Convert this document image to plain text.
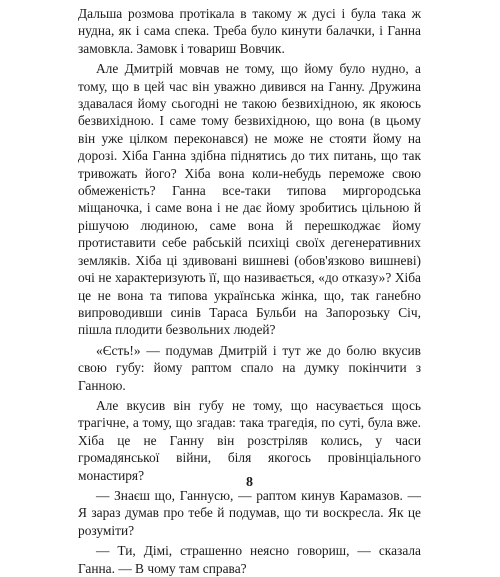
Дальша розмова протікала в такому ж дусі і була така ж нудна, як і сама спека. Треба було кинути балачки, і Ганна замовкла. Замовк і товариш Вовчик.

Але Дмитрій мовчав не тому, що йому було нудно, а тому, що в цей час він уважно дивився на Ганну. Дружина здавалася йому сьогодні не такою безвихідною, як якоюсь безвихідною. І саме тому безвихідною, що вона (в цьому він уже цілком переконався) не може не стояти йому на дорозі. Хіба Ганна здібна піднятись до тих питань, що так тривожать його? Хіба вона коли-небудь переможе свою обмеженість? Ганна все-таки типова миргородська міщаночка, і саме вона і не дає йому зробитись цільною й рішучою людиною, саме вона й перешкоджає йому протиставити себе рабській психіці своїх дегенеративних земляків. Хіба ці здивовані вишневі (обов'язково вишневі) очі не характеризують її, що називається, «до отказу»? Хіба це не вона та типова українська жінка, що, так ганебно випроводивши синів Тараса Бульби на Запорозьку Січ, пішла плодити безвольних людей?

«Єсть!» — подумав Дмитрій і тут же до болю вкусив свою губу: йому раптом спало на думку покінчити з Ганною.

Але вкусив він губу не тому, що насувається щось трагічне, а тому, що згадав: така трагедія, по суті, була вже. Хіба це не Ганну він розстріляв колись, у часи громадянської війни, біля якогось провінціального монастиря?

— Знаєш що, Ганнусю, — раптом кинув Карамазов. — Я зараз думав про тебе й подумав, що ти воскресла. Як це розуміти?

— Ти, Дімі, страшенно неясно говориш, — сказала Ганна. — В чому там справа?

8
